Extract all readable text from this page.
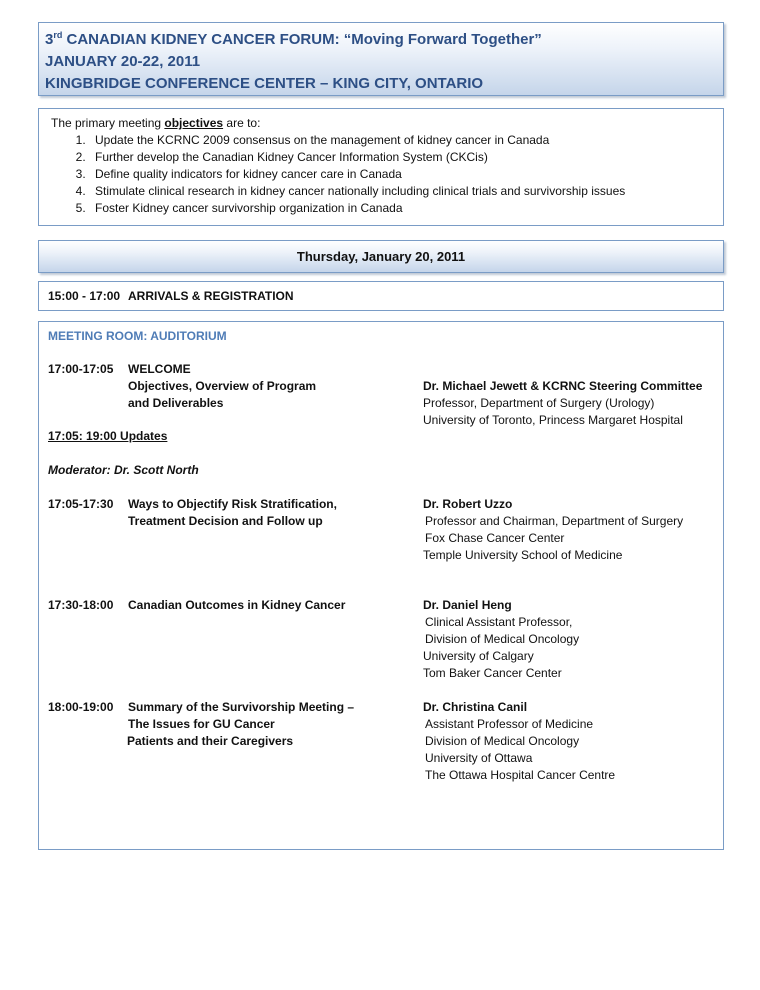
3rd CANADIAN KIDNEY CANCER FORUM: “Moving Forward Together”
JANUARY 20-22, 2011
KINGBRIDGE CONFERENCE CENTER – KING CITY, ONTARIO
The primary meeting objectives are to:
1. Update the KCRNC 2009 consensus on the management of kidney cancer in Canada
2. Further develop the Canadian Kidney Cancer Information System (CKCis)
3. Define quality indicators for kidney cancer care in Canada
4. Stimulate clinical research in kidney cancer nationally including clinical trials and survivorship issues
5. Foster Kidney cancer survivorship organization in Canada
Thursday, January 20, 2011
15:00 - 17:00 ARRIVALS & REGISTRATION
MEETING ROOM: AUDITORIUM
17:00-17:05 WELCOME
Objectives, Overview of Program
and Deliverables
Dr. Michael Jewett & KCRNC Steering Committee
Professor, Department of Surgery (Urology)
University of Toronto, Princess Margaret Hospital
17:05: 19:00 Updates
Moderator: Dr. Scott North
17:05-17:30 Ways to Objectify Risk Stratification,
Treatment Decision and Follow up
Dr. Robert Uzzo
Professor and Chairman, Department of Surgery
Fox Chase Cancer Center
Temple University School of Medicine
17:30-18:00 Canadian Outcomes in Kidney Cancer	Dr. Daniel Heng
Clinical Assistant Professor,
Division of Medical Oncology
University of Calgary
Tom Baker Cancer Center
18:00-19:00 Summary of the Survivorship Meeting –
The Issues for GU Cancer
Patients and their Caregivers
Dr. Christina Canil
Assistant Professor of Medicine
Division of Medical Oncology
University of Ottawa
The Ottawa Hospital Cancer Centre
